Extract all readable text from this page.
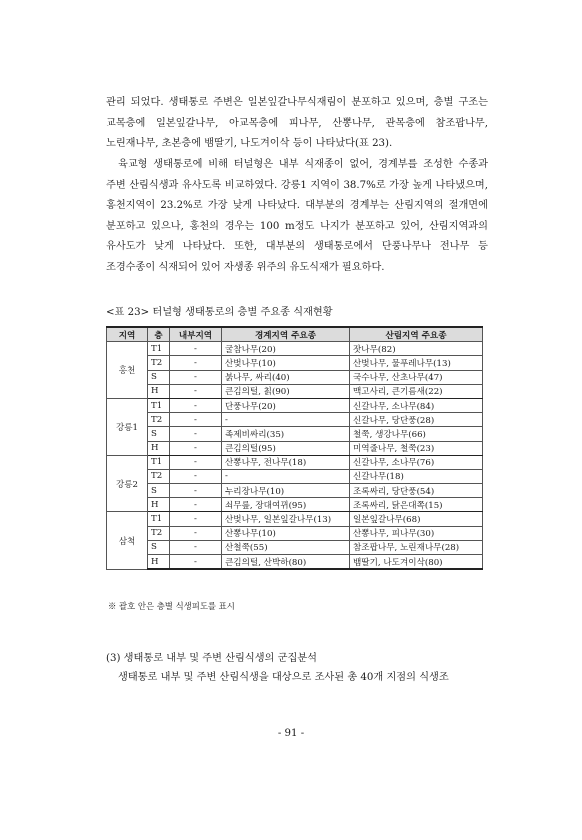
관리 되었다. 생태통로 주변은 일본잎갈나무식재림이 분포하고 있으며, 층별 구조는 교목층에 일본잎갈나무, 아교목층에 피나무, 산뽕나무, 관목층에 참조팝나무, 노린재나무, 초본층에 뱀딸기, 나도겨이삭 등이 나타났다(표 23).

육교형 생태통로에 비해 터널형은 내부 식재종이 없어, 경계부를 조성한 수종과 주변 산림식생과 유사도록 비교하였다. 강릉1 지역이 38.7%로 가장 높게 나타냈으며, 홍천지역이 23.2%로 가장 낮게 나타났다. 대부분의 경계부는 산림지역의 절개면에 분포하고 있으나, 홍천의 경우는 100 m정도 나지가 분포하고 있어, 산림지역과의 유사도가 낮게 나타났다. 또한, 대부분의 생태통로에서 단풍나무나 전나무 등 조경수종이 식재되어 있어 자생종 위주의 유도식재가 필요하다.

<표 23> 터널형 생태통로의 층별 주요종 식재현황

지역	층	내부지역	경계지역 주요종	산림지역 주요종
홍천	T1	-	굴참나무(20)	잣나무(82)
	T2	-	산벚나무(10)	산벚나무, 물푸레나무(13)
	S	-	붉나무, 싸리(40)	국수나무, 산초나무(47)
	H	-	큰김의털, 칡(90)	맥고사리, 큰기름새(22)
강릉1	T1	-	단풍나무(20)	신갈나무, 소나무(84)
	T2	-	-	신갈나무, 당단풍(28)
	S	-	족제비싸리(35)	철쭉, 생강나무(66)
	H	-	큰김의털(95)	미역줄나무, 철쭉(23)
강릉2	T1	-	산뽕나무, 전나무(18)	신갈나무, 소나무(76)
	T2	-	-	신갈나무(18)
	S	-	누리장나무(10)	조록싸리, 당단풍(54)
	H	-	쇠무릎, 장대여뀌(95)	조록싸리, 닭은대쪽(15)
삼척	T1	-	산벚나무, 일본잎갈나무(13)	일본잎갈나무(68)
	T2	-	산뽕나무(10)	산뽕나무, 피나무(30)
	S	-	산철쭉(55)	참조팝나무, 노린재나무(28)
	H	-	큰김의털, 산박하(80)	뱀딸기, 나도겨이삭(80)

※ 괄호 안은 층별 식생피도를 표시

(3) 생태통로 내부 및 주변 산림식생의 군집분석

생태통로 내부 및 주변 산림식생을 대상으로 조사된 총 40개 지점의 식생조

- 91 -
